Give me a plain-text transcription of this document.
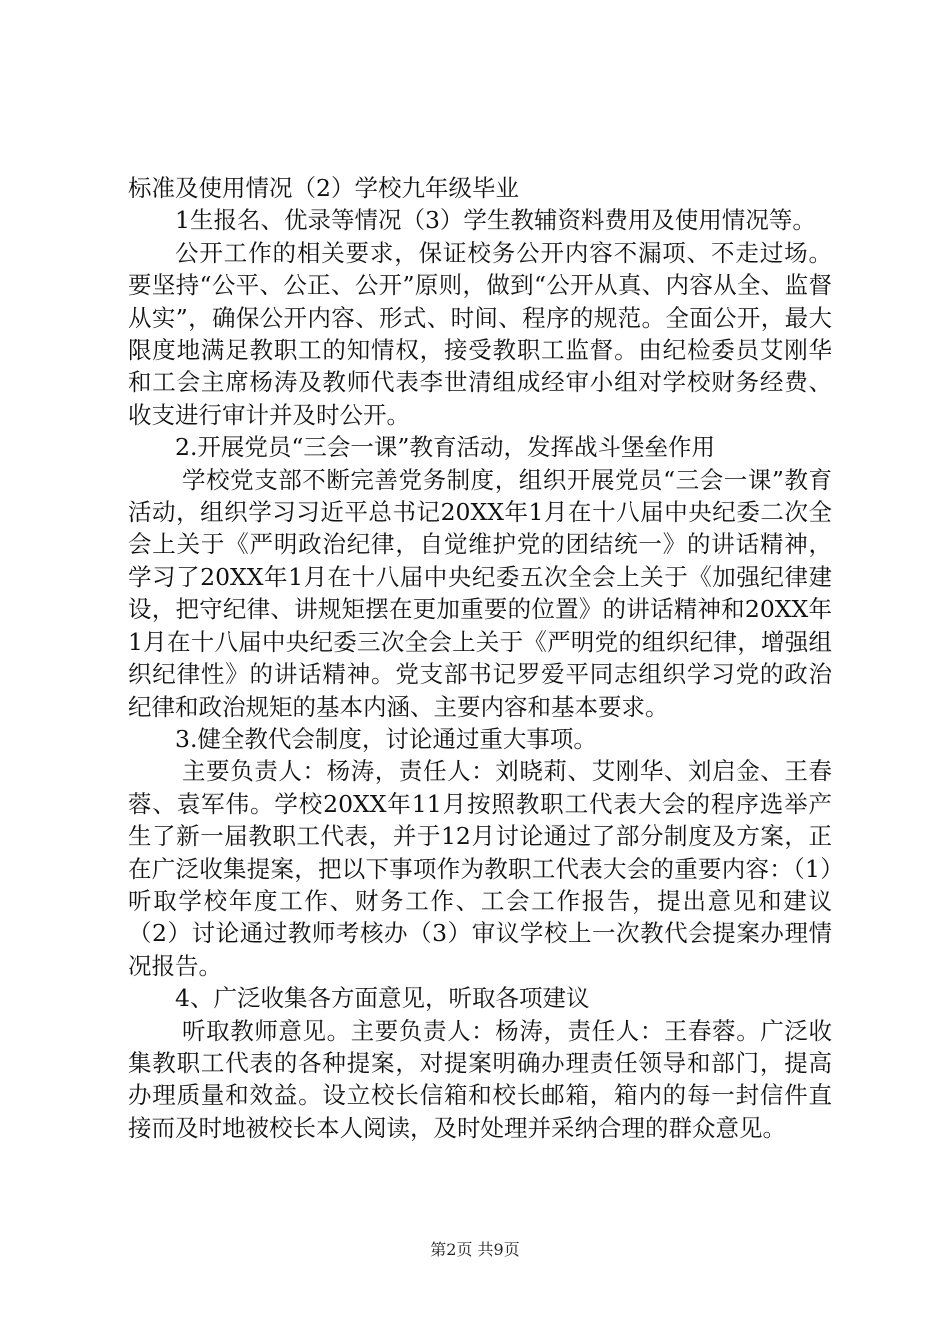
标准及使用情况（2）学校九年级毕业

1生报名、优录等情况（3）学生教辅资料费用及使用情况等。

公开工作的相关要求，保证校务公开内容不漏项、不走过场。要坚持“公平、公正、公开”原则，做到“公开从真、内容从全、监督从实”，确保公开内容、形式、时间、程序的规范。全面公开，最大限度地满足教职工的知情权，接受教职工监督。由纪检委员艾刚华和工会主席杨涛及教师代表李世清组成经审小组对学校财务经费、收支进行审计并及时公开。

2.开展党员“三会一课”教育活动，发挥战斗堡垒作用

学校党支部不断完善党务制度，组织开展党员“三会一课”教育活动，组织学习习近平总书记20XX年1月在十八届中央纪委二次全会上关于《严明政治纪律，自觉维护党的团结统一》的讲话精神，学习了20XX年1月在十八届中央纪委五次全会上关于《加强纪律建设，把守纪律、讲规矩摆在更加重要的位置》的讲话精神和20XX年1月在十八届中央纪委三次全会上关于《严明党的组织纪律，增强组织纪律性》的讲话精神。党支部书记罗爱平同志组织学习党的政治纪律和政治规矩的基本内涵、主要内容和基本要求。

3.健全教代会制度，讨论通过重大事项。

主要负责人：杨涛，责任人：刘晓莉、艾刚华、刘启金、王春蓉、袁军伟。学校20XX年11月按照教职工代表大会的程序选举产生了新一届教职工代表，并于12月讨论通过了部分制度及方案，正在广泛收集提案，把以下事项作为教职工代表大会的重要内容：（1）听取学校年度工作、财务工作、工会工作报告，提出意见和建议（2）讨论通过教师考核办（3）审议学校上一次教代会提案办理情况报告。

4、广泛收集各方面意见，听取各项建议

听取教师意见。主要负责人：杨涛，责任人：王春蓉。广泛收集教职工代表的各种提案，对提案明确办理责任领导和部门，提高办理质量和效益。设立校长信箱和校长邮箱，箱内的每一封信件直接而及时地被校长本人阅读，及时处理并采纳合理的群众意见。

第2页 共9页
